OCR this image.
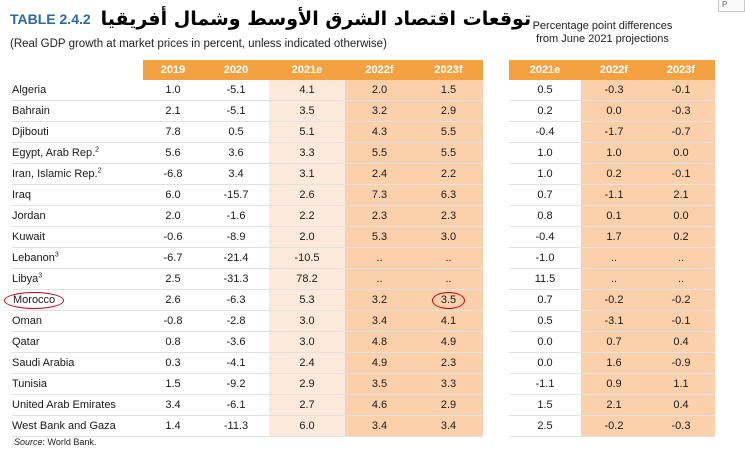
P
TABLE 2.4.2 توقعات اقتصاد الشرق الأوسط وشمال أفريقيا
(Real GDP growth at market prices in percent, unless indicated otherwise)
Percentage point differences
from June 2021 projections
	2019	2020	2021e	2022f	2023f		2021e	2022f	2023f
Algeria	1.0	-5.1	4.1	2.0	1.5		0.5	-0.3	-0.1
Bahrain	2.1	-5.1	3.5	3.2	2.9		0.2	0.0	-0.3
Djibouti	7.8	0.5	5.1	4.3	5.5		-0.4	-1.7	-0.7
Egypt, Arab Rep.$^2$	5.6	3.6	3.3	5.5	5.5		1.0	1.0	0.0
Iran, Islamic Rep.$^2$	-6.8	3.4	3.1	2.4	2.2		1.0	0.2	-0.1
Iraq	6.0	-15.7	2.6	7.3	6.3		0.7	-1.1	2.1
Jordan	2.0	-1.6	2.2	2.3	2.3		0.8	0.1	0.0
Kuwait	-0.6	-8.9	2.0	5.3	3.0		-0.4	1.7	0.2
Lebanon$^3$	-6.7	-21.4	-10.5	..	..		-1.0	..	..
Libya$^3$	2.5	-31.3	78.2	..	..		11.5	..	..
Morocco	2.6	-6.3	5.3	3.2	3.5		0.7	-0.2	-0.2
Oman	-0.8	-2.8	3.0	3.4	4.1		0.5	-3.1	-0.1
Qatar	0.8	-3.6	3.0	4.8	4.9		0.0	0.7	0.4
Saudi Arabia	0.3	-4.1	2.4	4.9	2.3		0.0	1.6	-0.9
Tunisia	1.5	-9.2	2.9	3.5	3.3		-1.1	0.9	1.1
United Arab Emirates	3.4	-6.1	2.7	4.6	2.9		1.5	2.1	0.4
West Bank and Gaza	1.4	-11.3	6.0	3.4	3.4		2.5	-0.2	-0.3
Source: World Bank.
